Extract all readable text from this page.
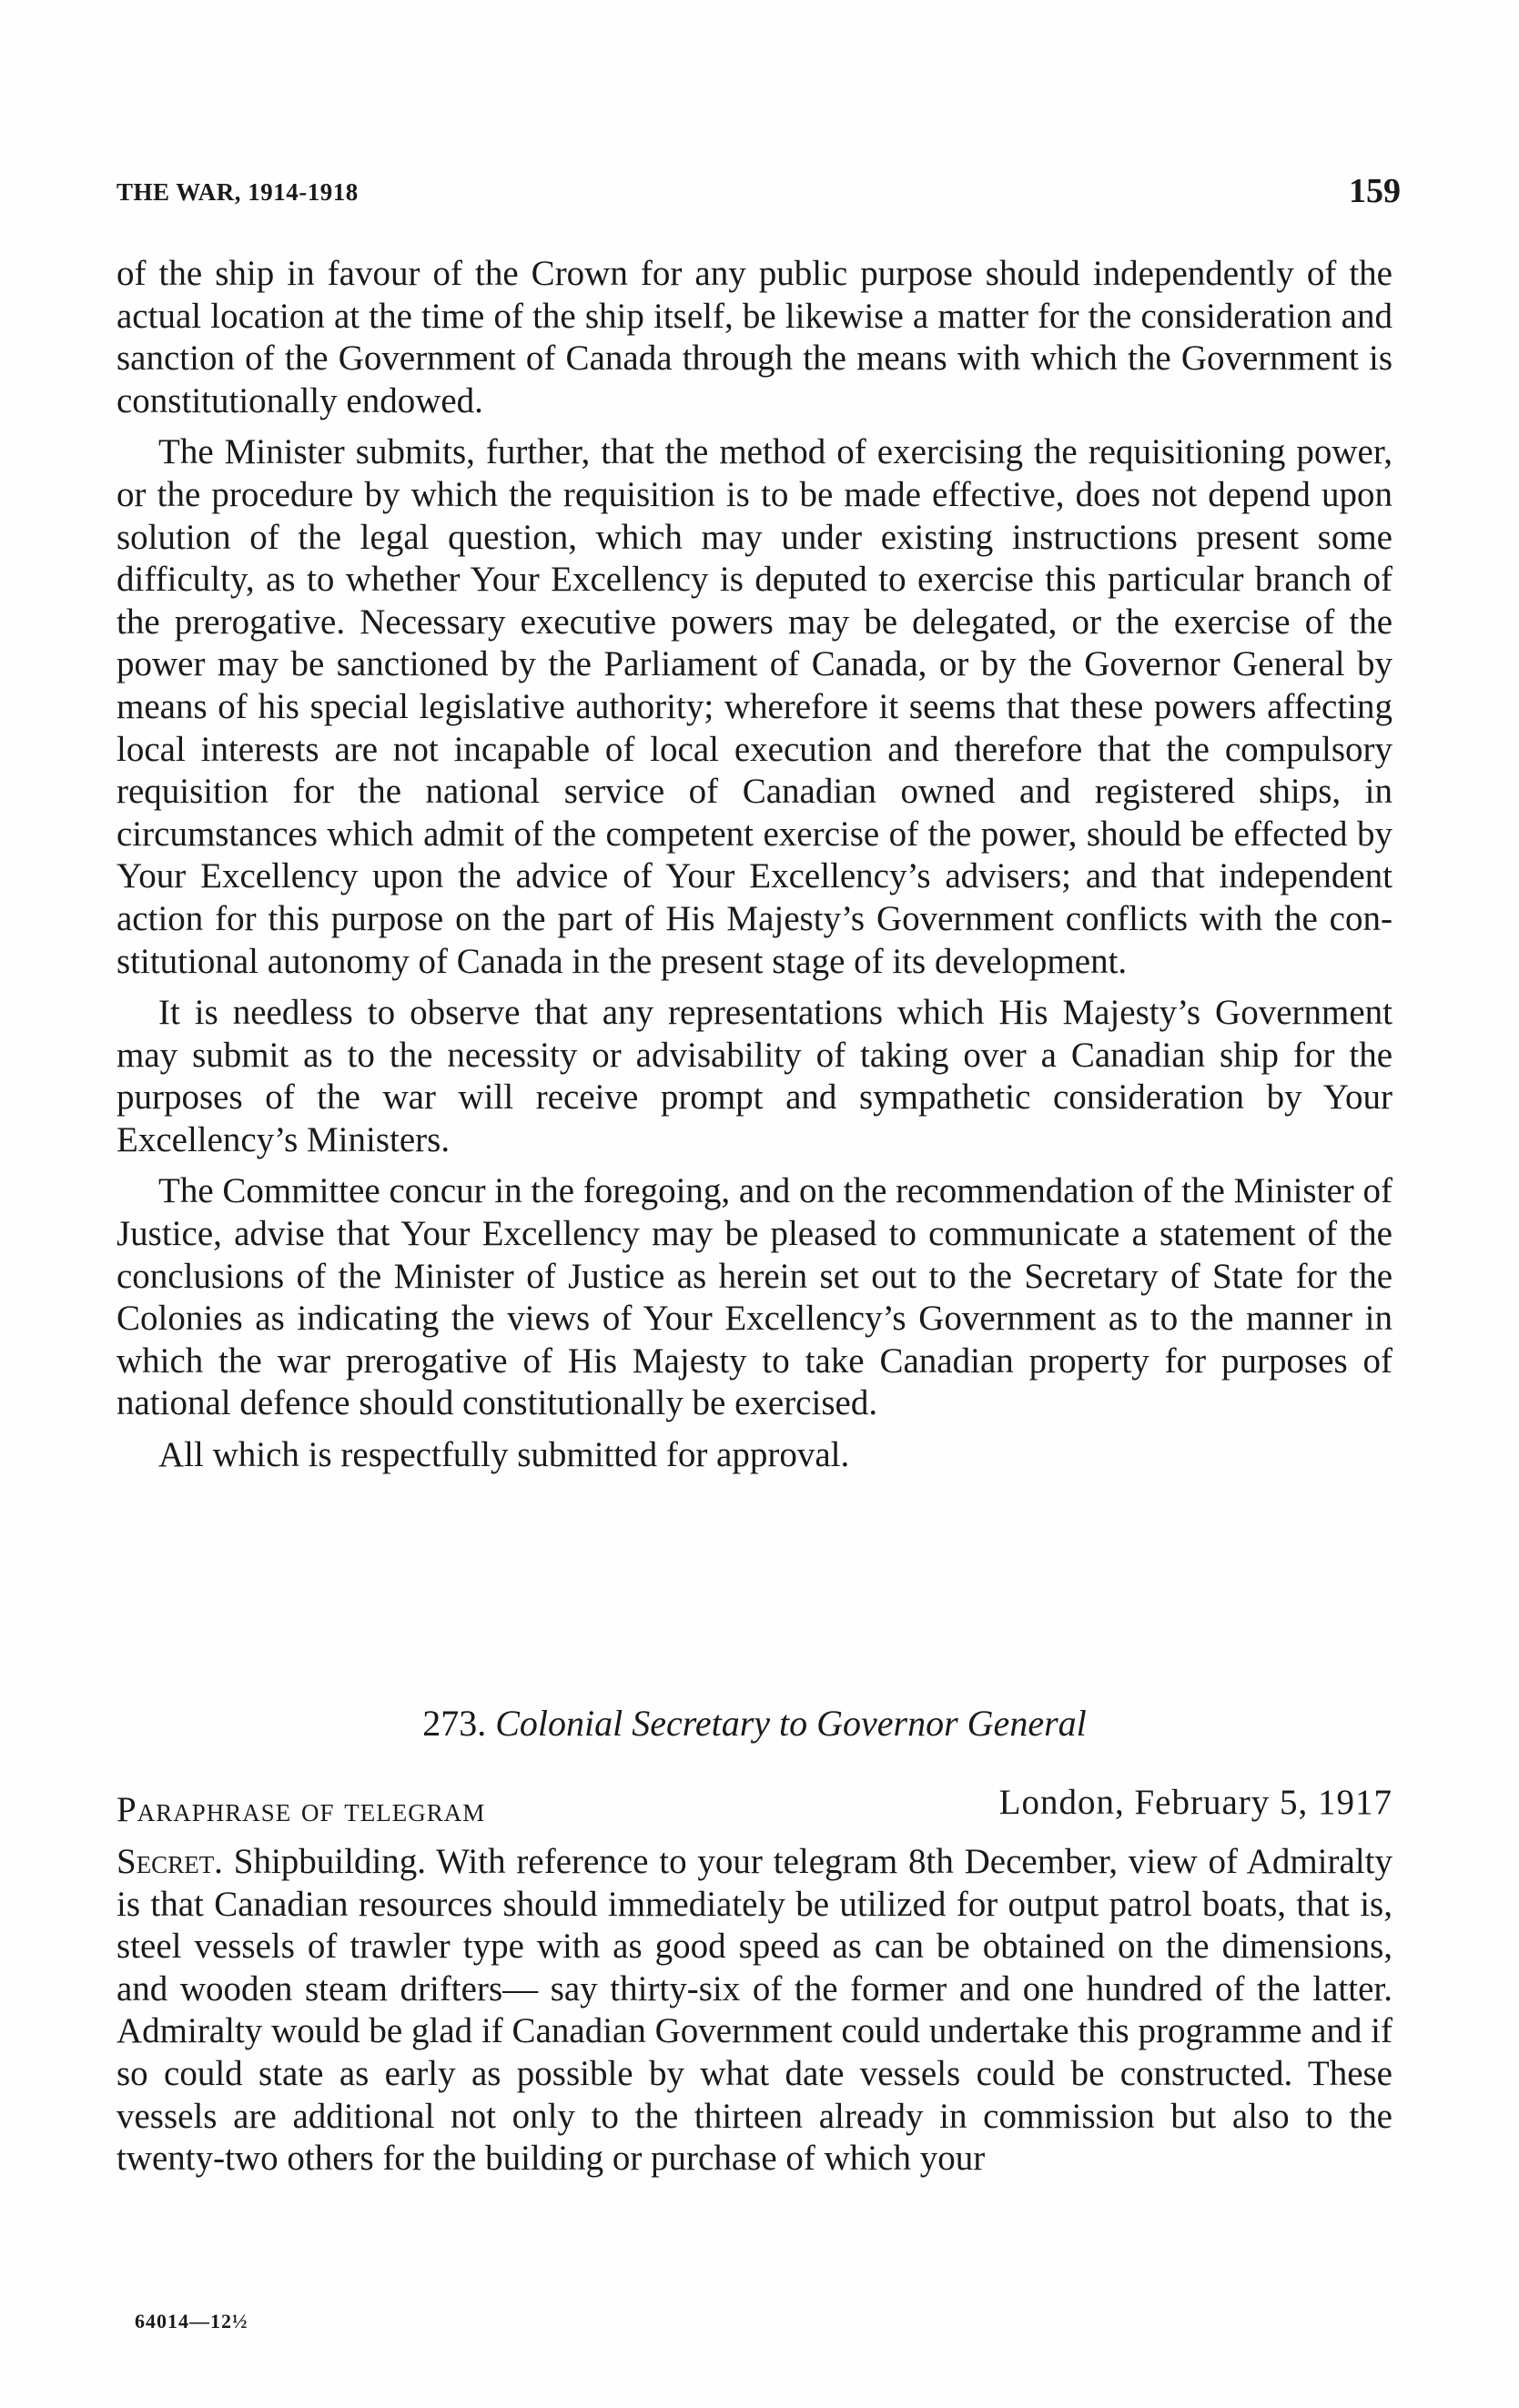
THE WAR, 1914-1918	159

of the ship in favour of the Crown for any public purpose should independently of the actual location at the time of the ship itself, be likewise a matter for the consideration and sanction of the Government of Canada through the means with which the Government is constitutionally endowed.

The Minister submits, further, that the method of exercising the requisitioning power, or the procedure by which the requisition is to be made effective, does not depend upon solution of the legal question, which may under existing instructions present some difficulty, as to whether Your Excellency is deputed to exercise this particular branch of the prerogative. Necessary executive powers may be delegated, or the exercise of the power may be sanctioned by the Parliament of Canada, or by the Governor General by means of his special legislative authority; wherefore it seems that these powers affecting local interests are not incapable of local execution and therefore that the compulsory requisition for the national service of Canadian owned and registered ships, in circumstances which admit of the competent exercise of the power, should be effected by Your Excellency upon the advice of Your Excellency’s advisers; and that independent action for this purpose on the part of His Majesty’s Government conflicts with the constitutional autonomy of Canada in the present stage of its development.

It is needless to observe that any representations which His Majesty’s Government may submit as to the necessity or advisability of taking over a Canadian ship for the purposes of the war will receive prompt and sympathetic consideration by Your Excellency’s Ministers.

The Committee concur in the foregoing, and on the recommendation of the Minister of Justice, advise that Your Excellency may be pleased to communicate a statement of the conclusions of the Minister of Justice as herein set out to the Secretary of State for the Colonies as indicating the views of Your Excellency’s Government as to the manner in which the war prerogative of His Majesty to take Canadian property for purposes of national defence should constitutionally be exercised.

All which is respectfully submitted for approval.

273. Colonial Secretary to Governor General
Paraphrase of telegram	London, February 5, 1917

Secret. Shipbuilding. With reference to your telegram 8th December, view of Admiralty is that Canadian resources should immediately be utilized for output patrol boats, that is, steel vessels of trawler type with as good speed as can be obtained on the dimensions, and wooden steam drifters— say thirty-six of the former and one hundred of the latter. Admiralty would be glad if Canadian Government could undertake this programme and if so could state as early as possible by what date vessels could be constructed. These vessels are additional not only to the thirteen already in commission but also to the twenty-two others for the building or purchase of which your

64014—12½
